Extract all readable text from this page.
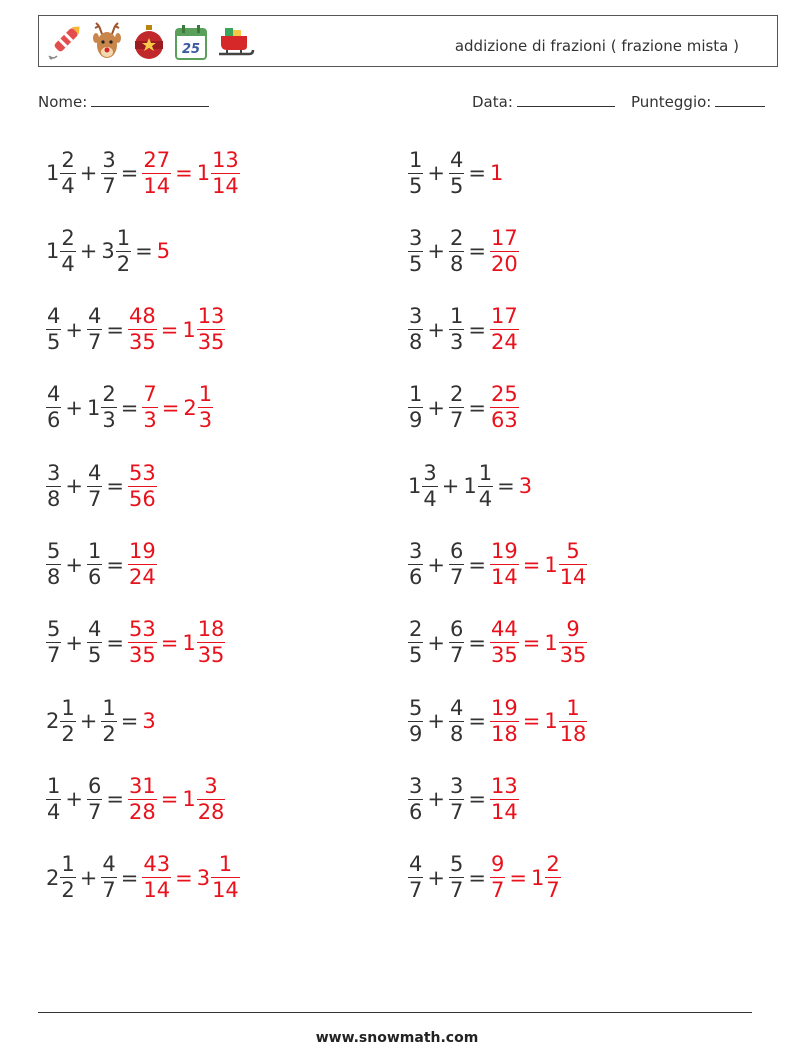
25	addizione di frazioni ( frazione mista )
Nome:	Data:	Punteggio:
$1 \frac{2}{4} + \frac{3}{7} = \frac{27}{14} = 1 \frac{13}{14}$	$\frac{1}{5} + \frac{4}{5} = 1$
$1 \frac{2}{4} + 3 \frac{1}{2} = 5$	$\frac{3}{5} + \frac{2}{8} = \frac{17}{20}$
$\frac{4}{5} + \frac{4}{7} = \frac{48}{35} = 1 \frac{13}{35}$	$\frac{3}{8} + \frac{1}{3} = \frac{17}{24}$
$\frac{4}{6} + 1 \frac{2}{3} = \frac{7}{3} = 2 \frac{1}{3}$	$\frac{1}{9} + \frac{2}{7} = \frac{25}{63}$
$\frac{3}{8} + \frac{4}{7} = \frac{53}{56}$	$1 \frac{3}{4} + 1 \frac{1}{4} = 3$
$\frac{5}{8} + \frac{1}{6} = \frac{19}{24}$	$\frac{3}{6} + \frac{6}{7} = \frac{19}{14} = 1 \frac{5}{14}$
$\frac{5}{7} + \frac{4}{5} = \frac{53}{35} = 1 \frac{18}{35}$	$\frac{2}{5} + \frac{6}{7} = \frac{44}{35} = 1 \frac{9}{35}$
$2 \frac{1}{2} + \frac{1}{2} = 3$	$\frac{5}{9} + \frac{4}{8} = \frac{19}{18} = 1 \frac{1}{18}$
$\frac{1}{4} + \frac{6}{7} = \frac{31}{28} = 1 \frac{3}{28}$	$\frac{3}{6} + \frac{3}{7} = \frac{13}{14}$
$2 \frac{1}{2} + \frac{4}{7} = \frac{43}{14} = 3 \frac{1}{14}$	$\frac{4}{7} + \frac{5}{7} = \frac{9}{7} = 1 \frac{2}{7}$
www.snowmath.com
